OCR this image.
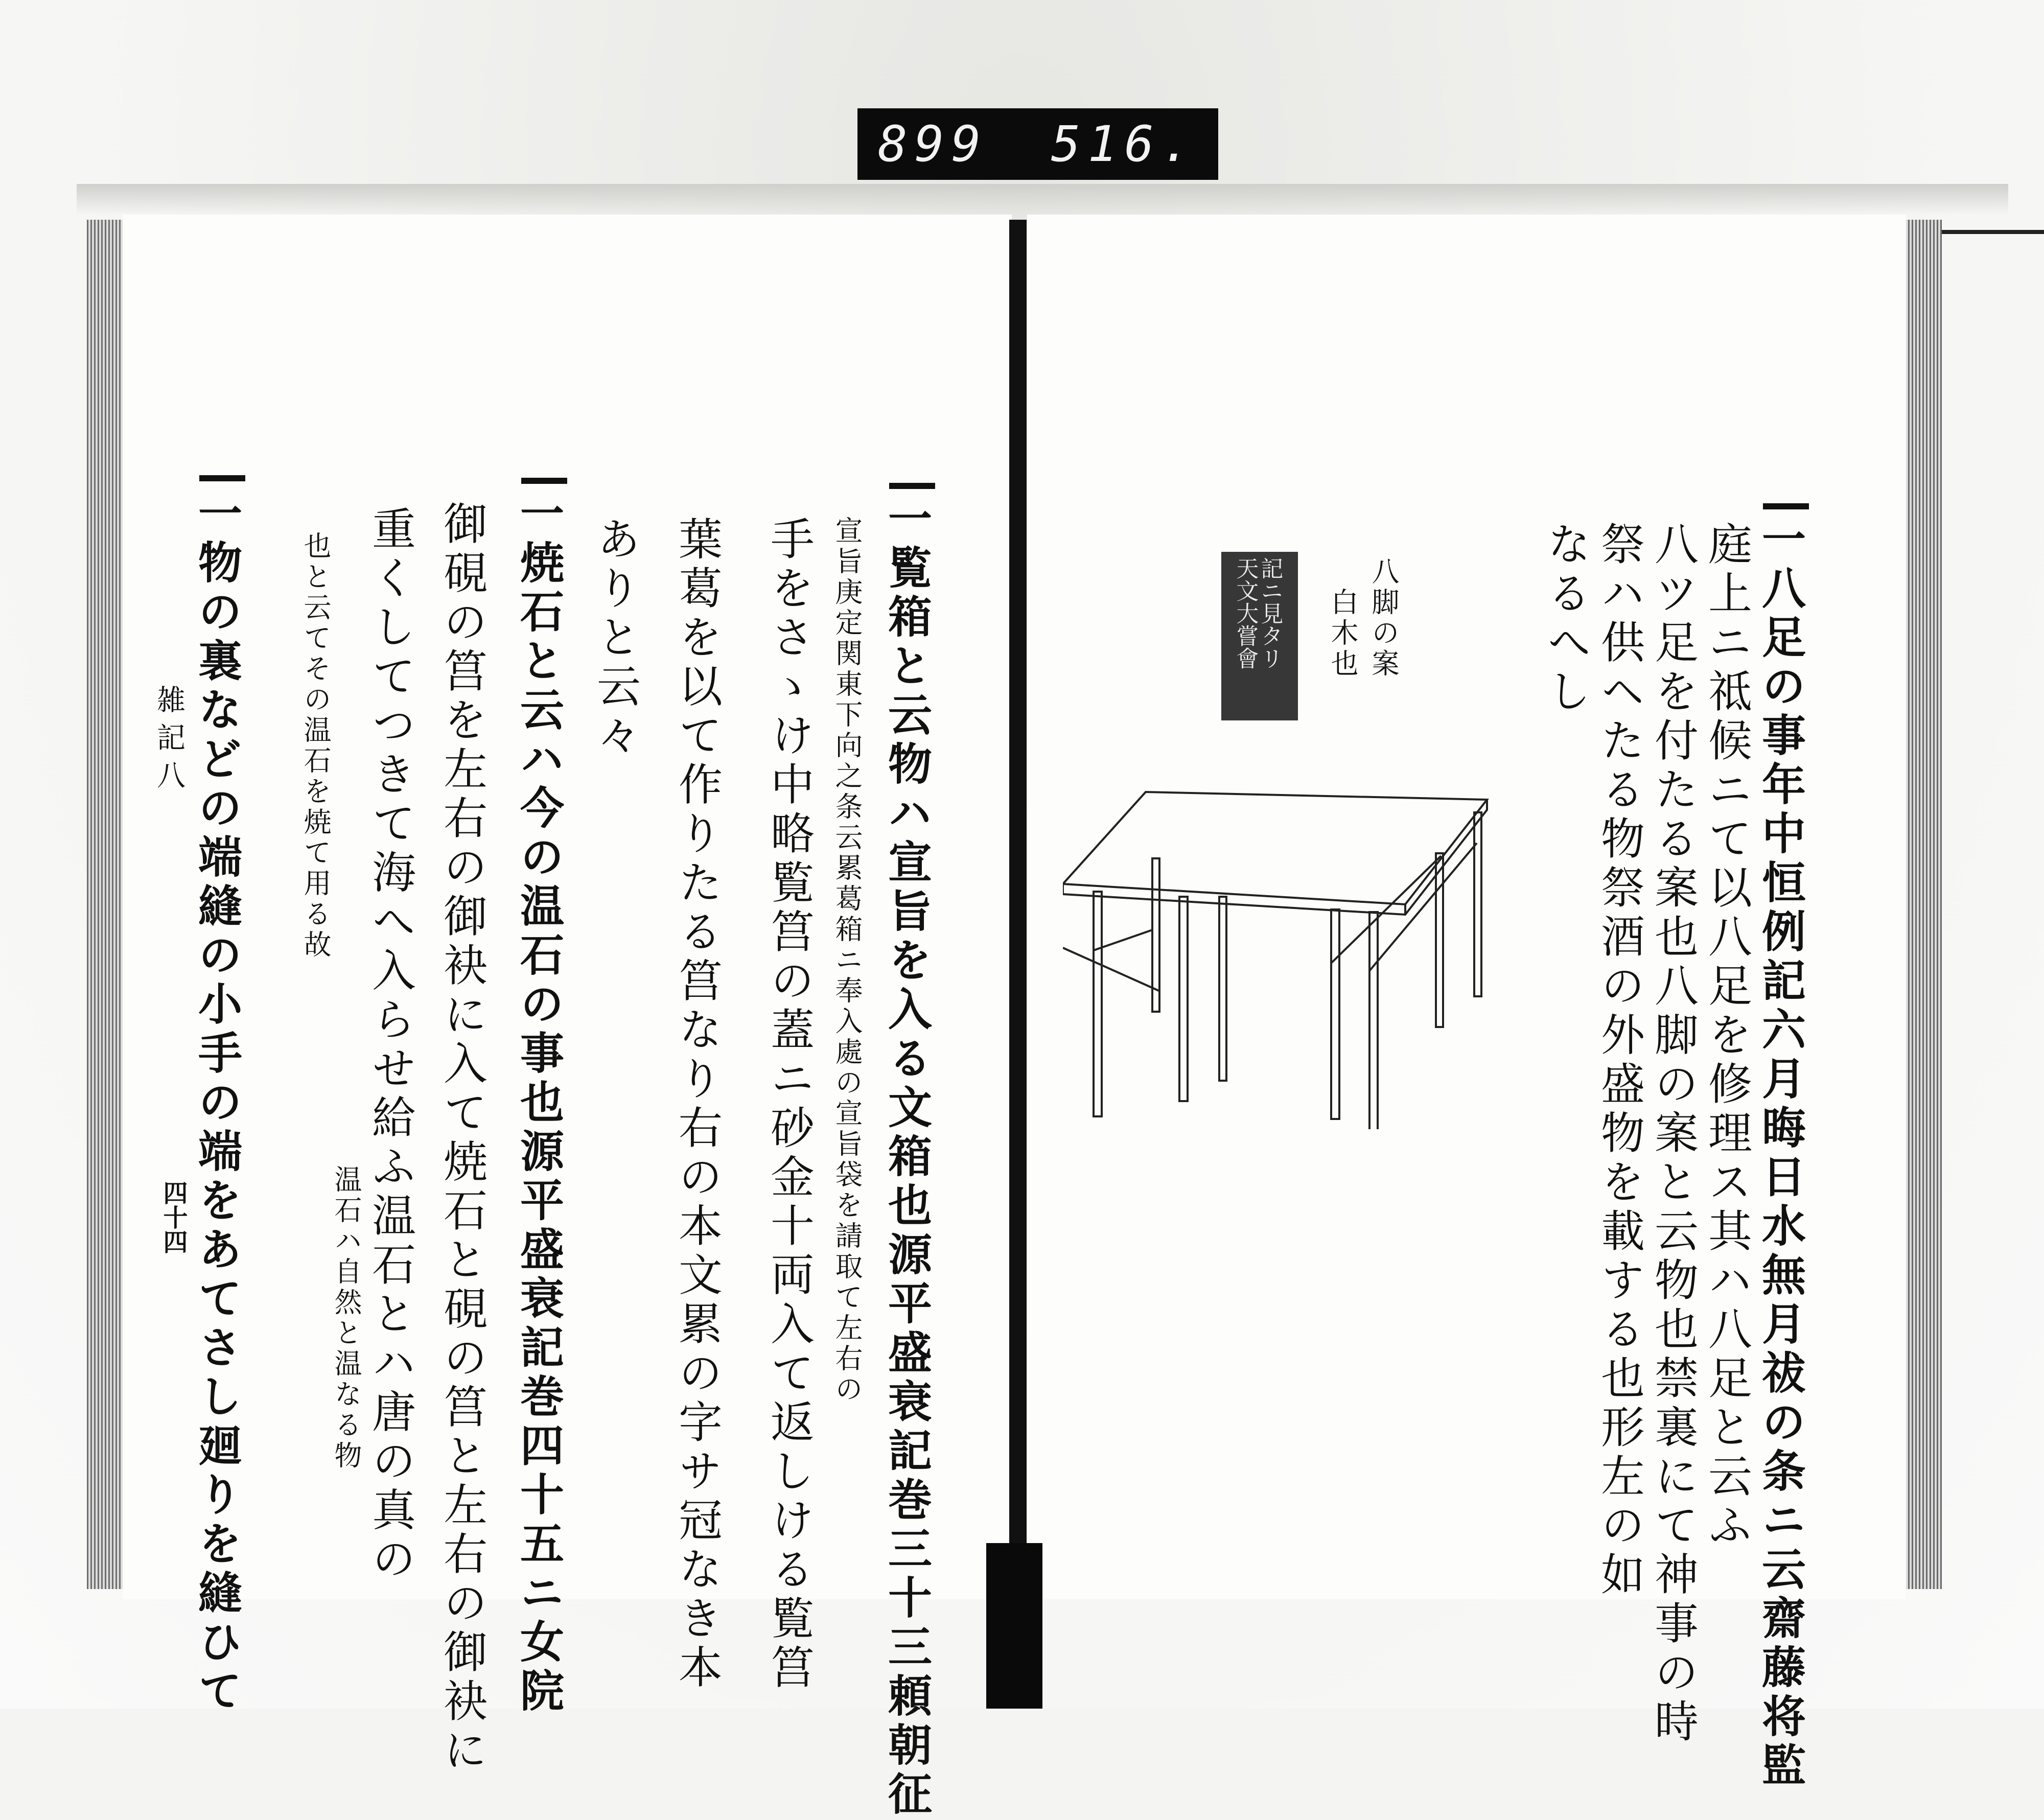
899 516.
一八足の事年中恒例記六月晦日水無月祓の条ニ云齋藤将監
庭上ニ祗候ニて以八足を修理ス其ハ八足と云ふ
八ツ足を付たる案也八脚の案と云物也禁裏にて神事の時
祭ハ供ヘたる物祭酒の外盛物を載する也形左の如
なるへし
八脚の案
白木也
天文大嘗會
記ニ見タリ
一覧箱と云物ハ宣旨を入る文箱也源平盛衰記巻三十三頼朝征
宣旨庚定関東下向之条云累葛箱ニ奉入處の宣旨袋を請取て左右の
手をさゝけ中略覧筥の蓋ニ砂金十両入て返しける覧筥
葉葛を以て作りたる筥なり右の本文累の字サ冠なき本
ありと云々
一焼石と云ハ今の温石の事也源平盛衰記巻四十五ニ女院
御硯の筥を左右の御袂に入て焼石と硯の筥と左右の御袂に
重くしてつきて海へ入らせ給ふ温石とハ唐の真の
温石ハ自然と温なる物
也と云てその温石を焼て用る故
一物の裏などの端縫の小手の端をあてさし廻りを縫ひて
雑記八
四十四
